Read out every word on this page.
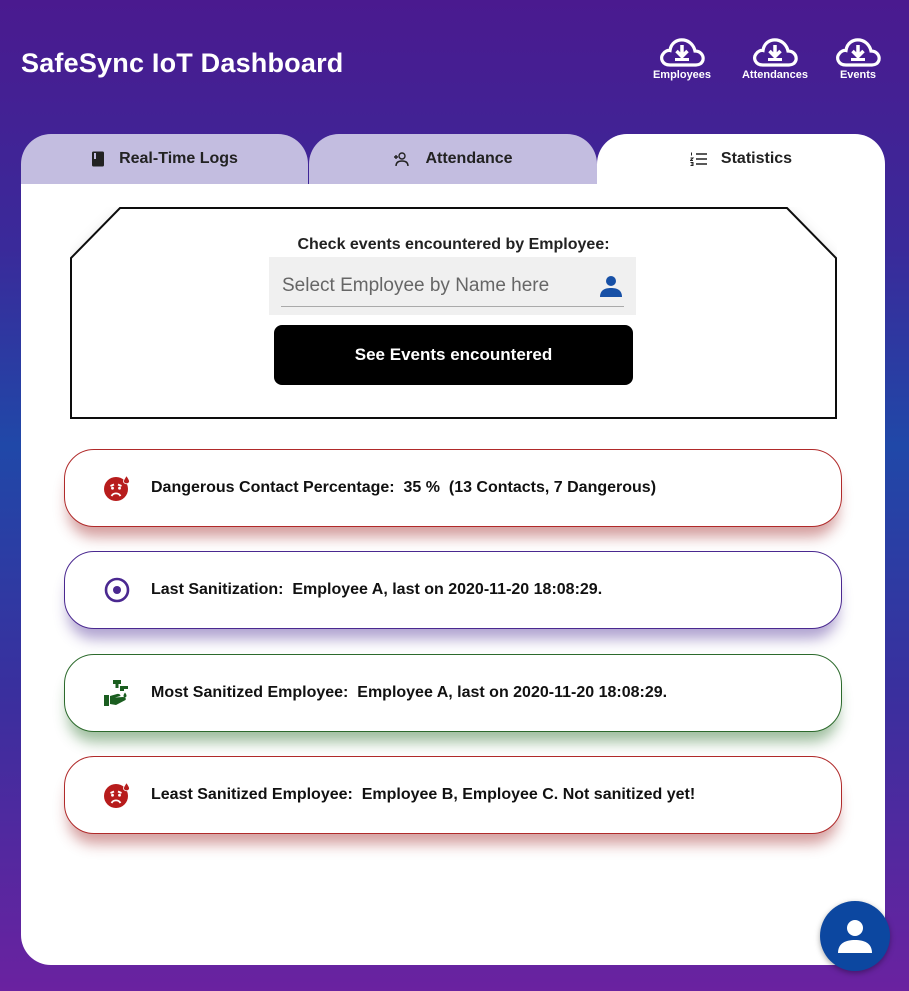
SafeSync IoT Dashboard	Employees	Attendances	Events
Real-Time Logs	Attendance	Statistics
Check events encountered by Employee:
Select Employee by Name here
See Events encountered
Dangerous Contact Percentage:
35 %  (13 Contacts, 7 Dangerous)
Last Sanitization:
Employee A, last on 2020-11-20 18:08:29.
Most Sanitized Employee:
Employee A, last on 2020-11-20 18:08:29.
Least Sanitized Employee:
Employee B, Employee C. Not sanitized yet!
